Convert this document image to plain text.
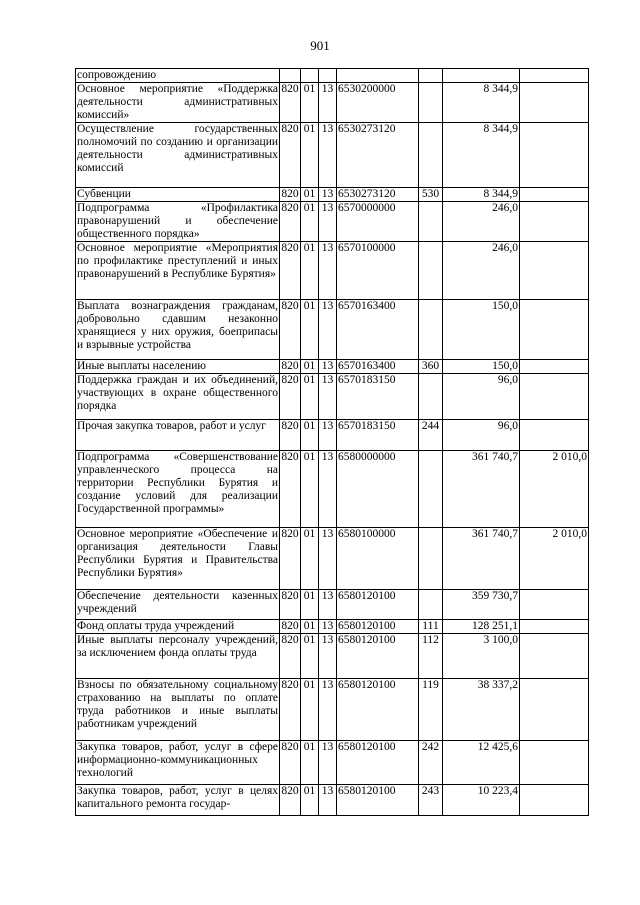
901
сопровождению							
Основное мероприятие «Поддержка деятельности административных комиссий»	820	01	13	6530200000		8 344,9	
Осуществление государственных полномочий по созданию и организации деятельности административных комиссий	820	01	13	6530273120		8 344,9	
Субвенции	820	01	13	6530273120	530	8 344,9	
Подпрограмма «Профилактика правонарушений и обеспечение общественного порядка»	820	01	13	6570000000		246,0	
Основное мероприятие «Мероприятия по профилактике преступлений и иных правонарушений в Республике Бурятия»	820	01	13	6570100000		246,0	
Выплата вознаграждения гражданам, добровольно сдавшим незаконно хранящиеся у них оружия, боеприпасы и взрывные устройства	820	01	13	6570163400		150,0	
Иные выплаты населению	820	01	13	6570163400	360	150,0	
Поддержка граждан и их объединений, участвующих в охране общественного порядка	820	01	13	6570183150		96,0	
Прочая закупка товаров, работ и услуг	820	01	13	6570183150	244	96,0	
Подпрограмма «Совершенствование управленческого процесса на территории Республики Бурятия и создание условий для реализации Государственной программы»	820	01	13	6580000000		361 740,7	2 010,0
Основное мероприятие «Обеспечение и организация деятельности Главы Республики Бурятия и Правительства Республики Бурятия»	820	01	13	6580100000		361 740,7	2 010,0
Обеспечение деятельности казенных учреждений	820	01	13	6580120100		359 730,7	
Фонд оплаты труда учреждений	820	01	13	6580120100	111	128 251,1	
Иные выплаты персоналу учреждений, за исключением фонда оплаты труда	820	01	13	6580120100	112	3 100,0	
Взносы по обязательному социальному страхованию на выплаты по оплате труда работников и иные выплаты работникам учреждений	820	01	13	6580120100	119	38 337,2	
Закупка товаров, работ, услуг в сфере информационно-коммуникационных технологий	820	01	13	6580120100	242	12 425,6	
Закупка товаров, работ, услуг в целях капитального ремонта государ-	820	01	13	6580120100	243	10 223,4	
